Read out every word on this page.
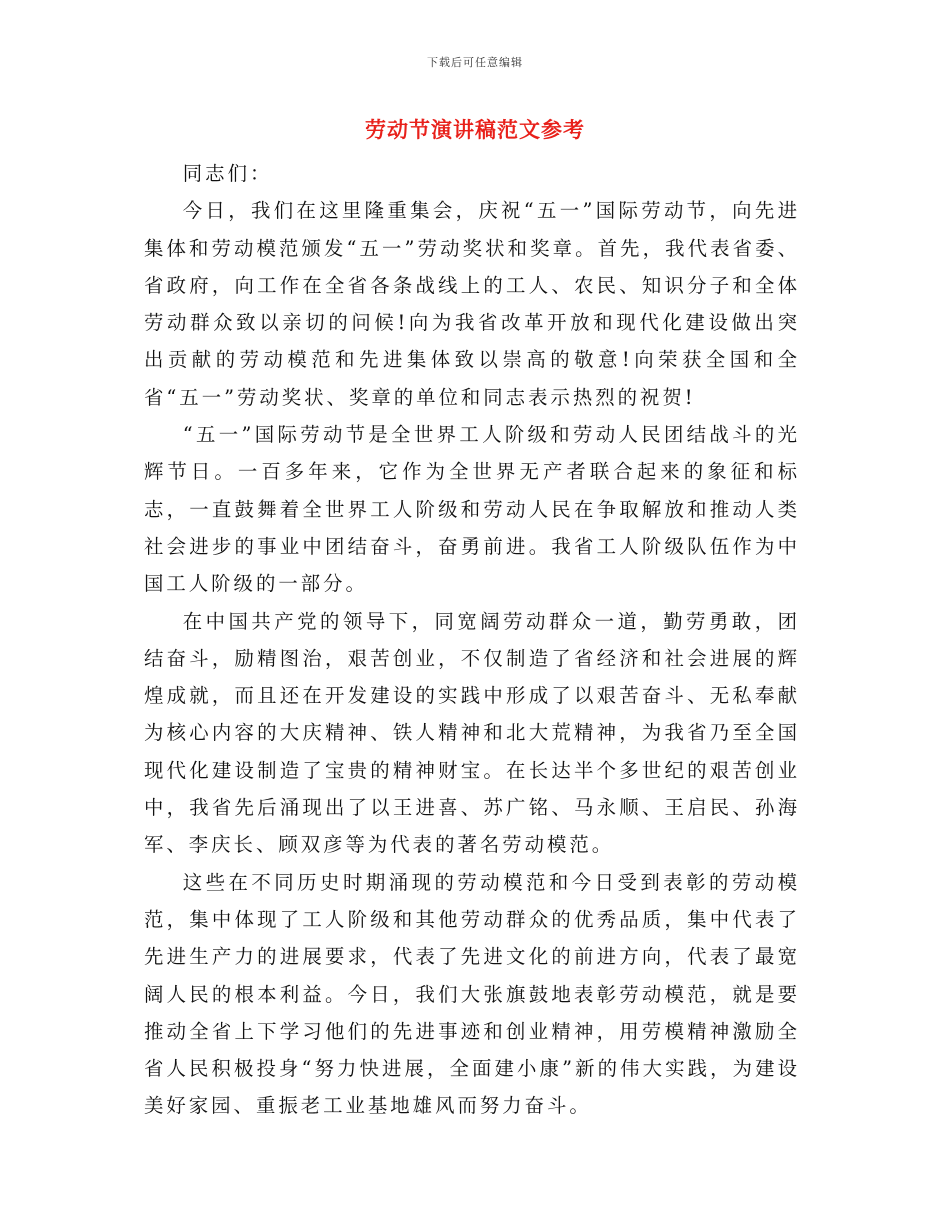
下载后可任意编辑
劳动节演讲稿范文参考

同志们：

今日，我们在这里隆重集会，庆祝“五一”国际劳动节，向先进集体和劳动模范颁发“五一”劳动奖状和奖章。首先，我代表省委、省政府，向工作在全省各条战线上的工人、农民、知识分子和全体劳动群众致以亲切的问候!向为我省改革开放和现代化建设做出突出贡献的劳动模范和先进集体致以崇高的敬意!向荣获全国和全省“五一”劳动奖状、奖章的单位和同志表示热烈的祝贺!

“五一”国际劳动节是全世界工人阶级和劳动人民团结战斗的光辉节日。一百多年来，它作为全世界无产者联合起来的象征和标志，一直鼓舞着全世界工人阶级和劳动人民在争取解放和推动人类社会进步的事业中团结奋斗，奋勇前进。我省工人阶级队伍作为中国工人阶级的一部分。

在中国共产党的领导下，同宽阔劳动群众一道，勤劳勇敢，团结奋斗，励精图治，艰苦创业，不仅制造了省经济和社会进展的辉煌成就，而且还在开发建设的实践中形成了以艰苦奋斗、无私奉献为核心内容的大庆精神、铁人精神和北大荒精神，为我省乃至全国现代化建设制造了宝贵的精神财宝。在长达半个多世纪的艰苦创业中，我省先后涌现出了以王进喜、苏广铭、马永顺、王启民、孙海军、李庆长、顾双彦等为代表的著名劳动模范。

这些在不同历史时期涌现的劳动模范和今日受到表彰的劳动模范，集中体现了工人阶级和其他劳动群众的优秀品质，集中代表了先进生产力的进展要求，代表了先进文化的前进方向，代表了最宽阔人民的根本利益。今日，我们大张旗鼓地表彰劳动模范，就是要推动全省上下学习他们的先进事迹和创业精神，用劳模精神激励全省人民积极投身“努力快进展，全面建小康”新的伟大实践，为建设美好家园、重振老工业基地雄风而努力奋斗。
